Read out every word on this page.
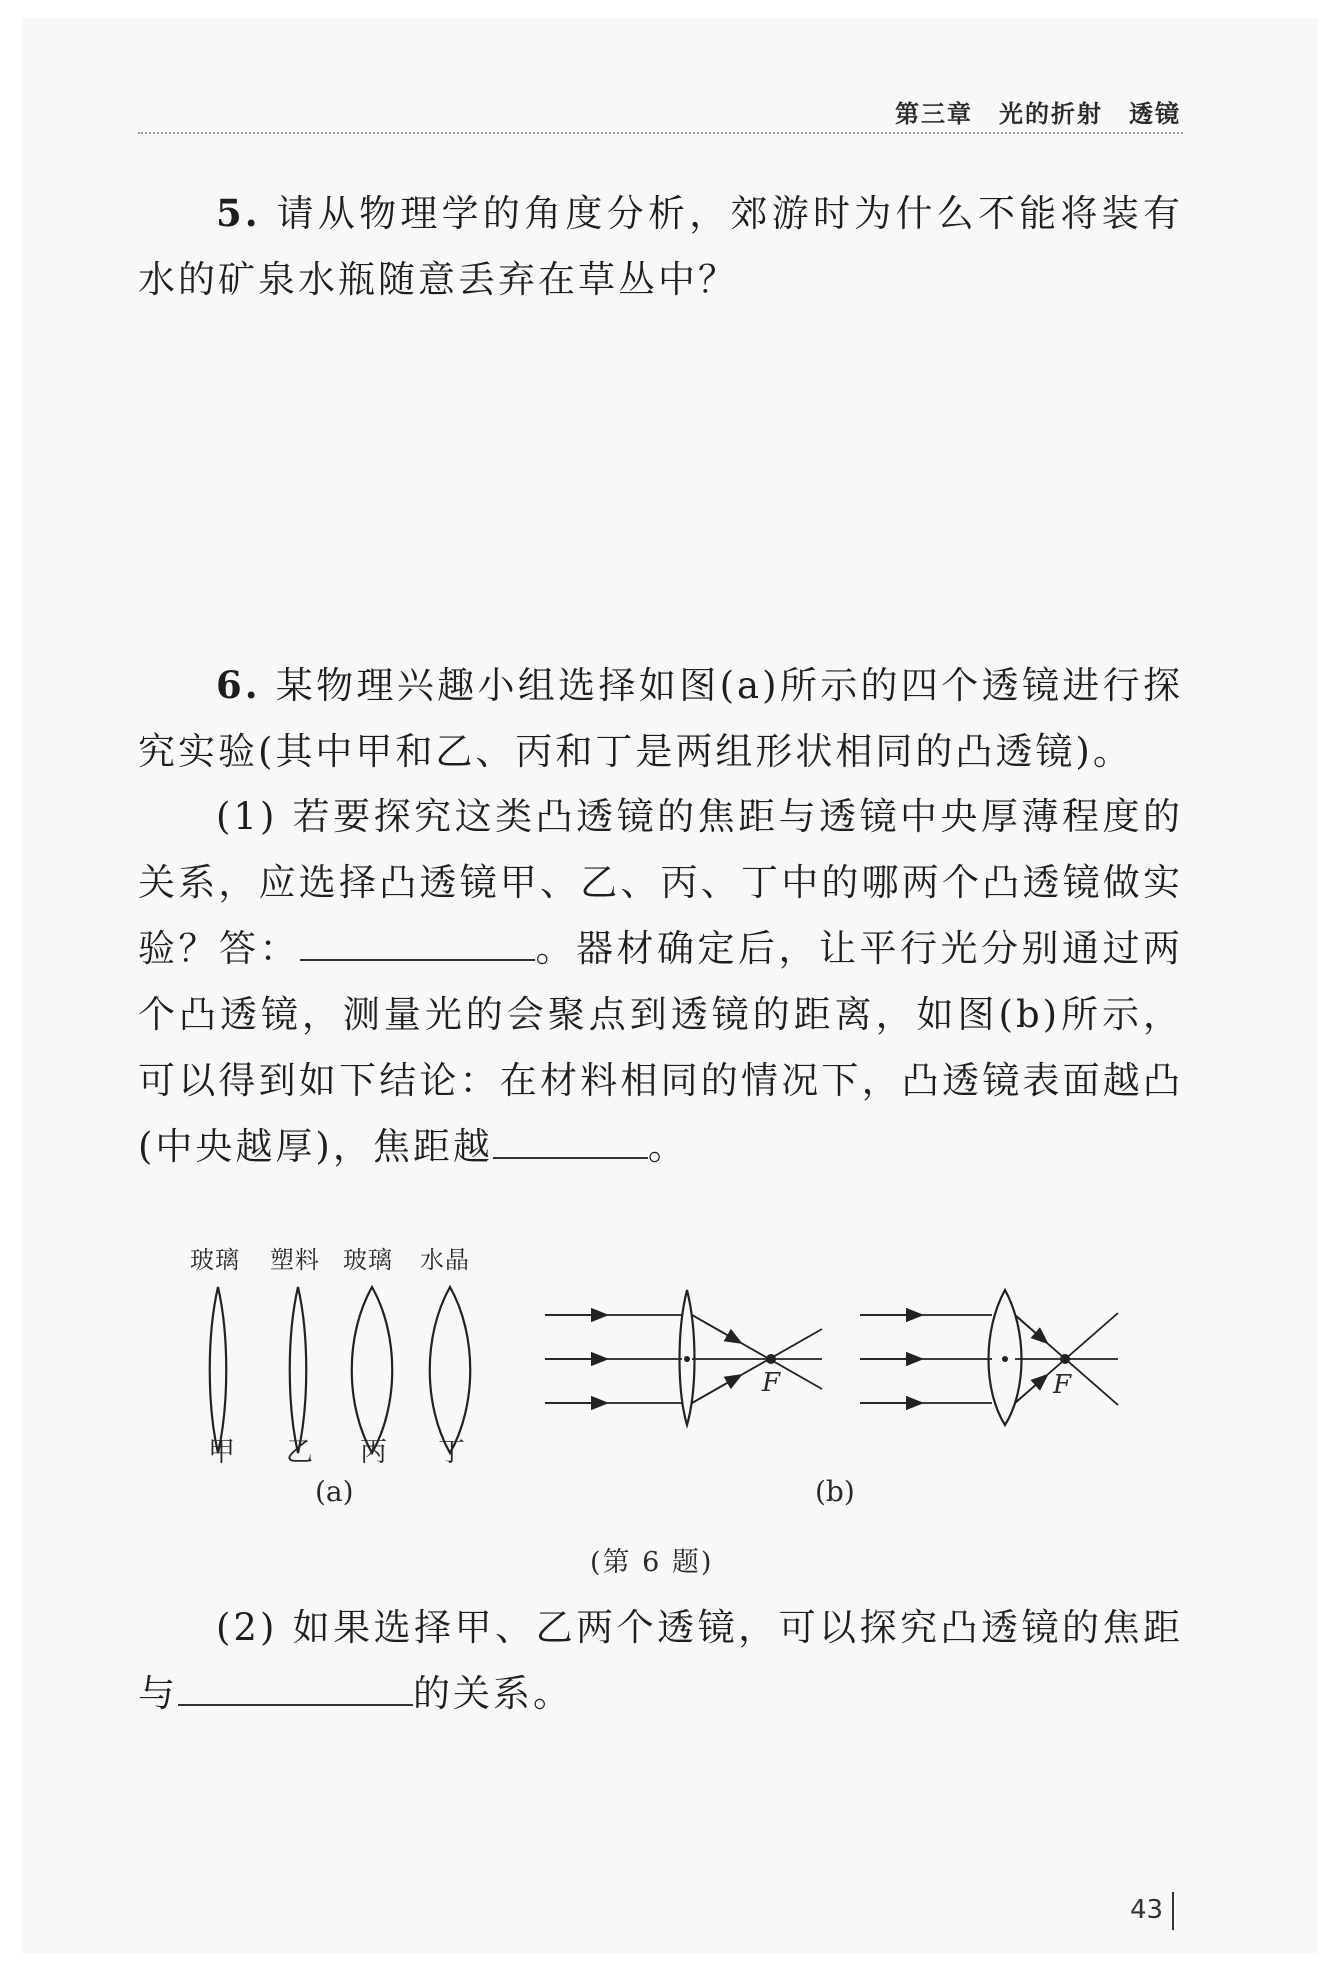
第三章　光的折射　透镜
5. 请从物理学的角度分析，郊游时为什么不能将装有水的矿泉水瓶随意丢弃在草丛中？
6. 某物理兴趣小组选择如图(a)所示的四个透镜进行探究实验(其中甲和乙、丙和丁是两组形状相同的凸透镜)。
(1) 若要探究这类凸透镜的焦距与透镜中央厚薄程度的关系，应选择凸透镜甲、乙、丙、丁中的哪两个凸透镜做实验？答：	。器材确定后，让平行光分别通过两个凸透镜，测量光的会聚点到透镜的距离，如图(b)所示，可以得到如下结论：在材料相同的情况下，凸透镜表面越凸(中央越厚)，焦距越	。
玻璃 塑料 玻璃 水晶
甲 乙 丙 丁
(a)
F	F
(b)
(第 6 题)
(2) 如果选择甲、乙两个透镜，可以探究凸透镜的焦距与	的关系。
43
